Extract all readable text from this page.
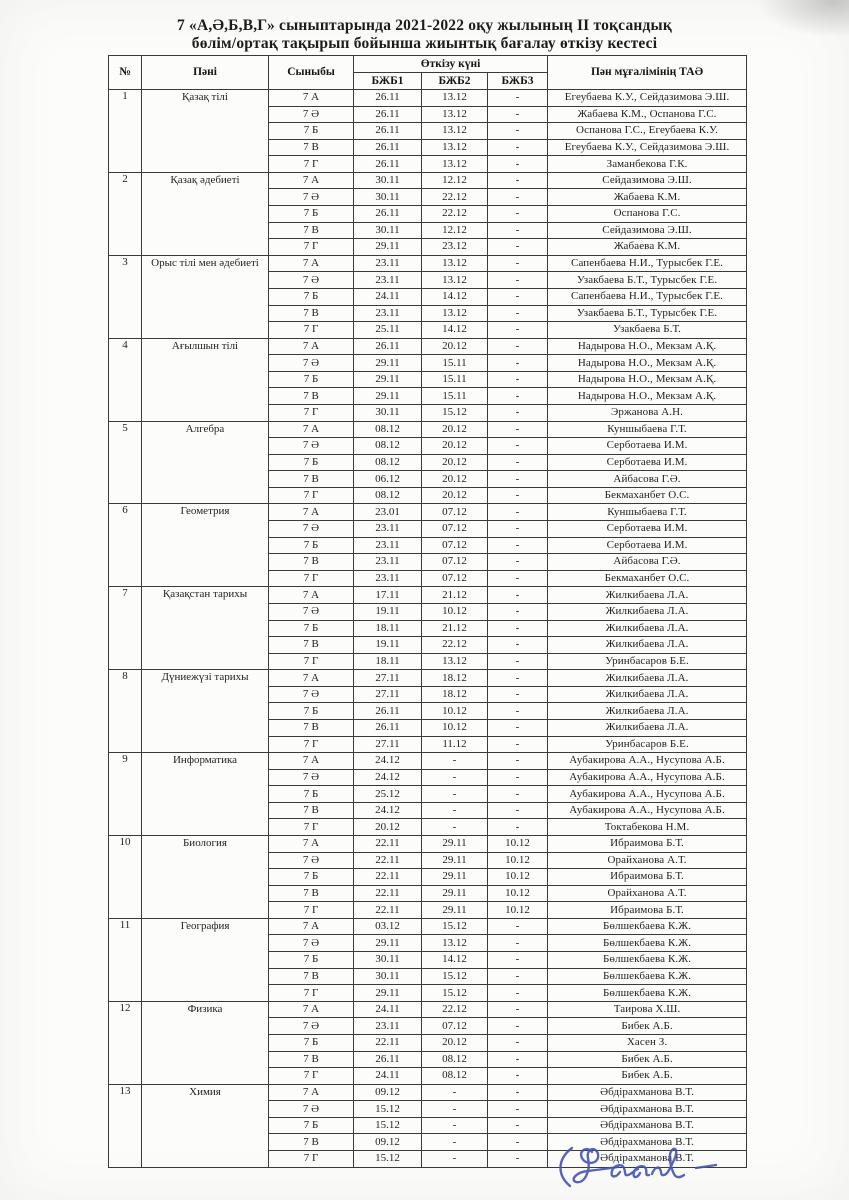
7 «А,Ә,Б,В,Г» сыныптарында 2021-2022 оқу жылының ІІ тоқсандық
бөлім/ортақ тақырып бойынша жиынтық бағалау өткізу кестесі
№	Пәні	Сыныбы	Өткізу күні			Пән мұғалімінің ТАӘ
			БЖБ1	БЖБ2	БЖБ3	
1	Қазақ тілі	7 А	26.11	13.12	-	Егеубаева К.У., Сейдазимова Э.Ш.
		7 Ә	26.11	13.12	-	Жабаева К.М., Оспанова Г.С.
		7 Б	26.11	13.12	-	Оспанова Г.С., Егеубаева К.У.
		7 В	26.11	13.12	-	Егеубаева К.У., Сейдазимова Э.Ш.
		7 Г	26.11	13.12	-	Заманбекова Г.К.
2	Қазақ әдебиеті	7 А	30.11	12.12	-	Сейдазимова Э.Ш.
		7 Ә	30.11	22.12	-	Жабаева К.М.
		7 Б	26.11	22.12	-	Оспанова Г.С.
		7 В	30.11	12.12	-	Сейдазимова Э.Ш.
		7 Г	29.11	23.12	-	Жабаева К.М.
3	Орыс тілі мен әдебиеті	7 А	23.11	13.12	-	Сапенбаева Н.И., Турысбек Г.Е.
		7 Ә	23.11	13.12	-	Узакбаева Б.Т., Турысбек Г.Е.
		7 Б	24.11	14.12	-	Сапенбаева Н.И., Турысбек Г.Е.
		7 В	23.11	13.12	-	Узакбаева Б.Т., Турысбек Г.Е.
		7 Г	25.11	14.12	-	Узакбаева Б.Т.
4	Ағылшын тілі	7 А	26.11	20.12	-	Надырова Н.О., Мекзам А.Қ.
		7 Ә	29.11	15.11	-	Надырова Н.О., Мекзам А.Қ.
		7 Б	29.11	15.11	-	Надырова Н.О., Мекзам А.Қ.
		7 В	29.11	15.11	-	Надырова Н.О., Мекзам А.Қ.
		7 Г	30.11	15.12	-	Эржанова А.Н.
5	Алгебра	7 А	08.12	20.12	-	Куншыбаева Г.Т.
		7 Ә	08.12	20.12	-	Серботаева И.М.
		7 Б	08.12	20.12	-	Серботаева И.М.
		7 В	06.12	20.12	-	Айбасова Г.Ә.
		7 Г	08.12	20.12	-	Бекмаханбет О.С.
6	Геометрия	7 А	23.01	07.12	-	Куншыбаева Г.Т.
		7 Ә	23.11	07.12	-	Серботаева И.М.
		7 Б	23.11	07.12	-	Серботаева И.М.
		7 В	23.11	07.12	-	Айбасова Г.Ә.
		7 Г	23.11	07.12	-	Бекмаханбет О.С.
7	Қазақстан тарихы	7 А	17.11	21.12	-	Жилкибаева Л.А.
		7 Ә	19.11	10.12	-	Жилкибаева Л.А.
		7 Б	18.11	21.12	-	Жилкибаева Л.А.
		7 В	19.11	22.12	-	Жилкибаева Л.А.
		7 Г	18.11	13.12	-	Уринбасаров Б.Е.
8	Дүниежүзі тарихы	7 А	27.11	18.12	-	Жилкибаева Л.А.
		7 Ә	27.11	18.12	-	Жилкибаева Л.А.
		7 Б	26.11	10.12	-	Жилкибаева Л.А.
		7 В	26.11	10.12	-	Жилкибаева Л.А.
		7 Г	27.11	11.12	-	Уринбасаров Б.Е.
9	Информатика	7 А	24.12	-	-	Аубакирова А.А., Нусупова А.Б.
		7 Ә	24.12	-	-	Аубакирова А.А., Нусупова А.Б.
		7 Б	25.12	-	-	Аубакирова А.А., Нусупова А.Б.
		7 В	24.12	-	-	Аубакирова А.А., Нусупова А.Б.
		7 Г	20.12	-	-	Токтабекова Н.М.
10	Биология	7 А	22.11	29.11	10.12	Ибраимова Б.Т.
		7 Ә	22.11	29.11	10.12	Орайханова А.Т.
		7 Б	22.11	29.11	10.12	Ибраимова Б.Т.
		7 В	22.11	29.11	10.12	Орайханова А.Т.
		7 Г	22.11	29.11	10.12	Ибраимова Б.Т.
11	География	7 А	03.12	15.12	-	Бөлшекбаева К.Ж.
		7 Ә	29.11	13.12	-	Бөлшекбаева К.Ж.
		7 Б	30.11	14.12	-	Бөлшекбаева К.Ж.
		7 В	30.11	15.12	-	Бөлшекбаева К.Ж.
		7 Г	29.11	15.12	-	Бөлшекбаева К.Ж.
12	Физика	7 А	24.11	22.12	-	Таирова Х.Ш.
		7 Ә	23.11	07.12	-	Бибек А.Б.
		7 Б	22.11	20.12	-	Хасен З.
		7 В	26.11	08.12	-	Бибек А.Б.
		7 Г	24.11	08.12	-	Бибек А.Б.
13	Химия	7 А	09.12	-	-	Әбдірахманова В.Т.
		7 Ә	15.12	-	-	Әбдірахманова В.Т.
		7 Б	15.12	-	-	Әбдірахманова В.Т.
		7 В	09.12	-	-	Әбдірахманова В.Т.
		7 Г	15.12	-	-	Әбдірахманова В.Т.
